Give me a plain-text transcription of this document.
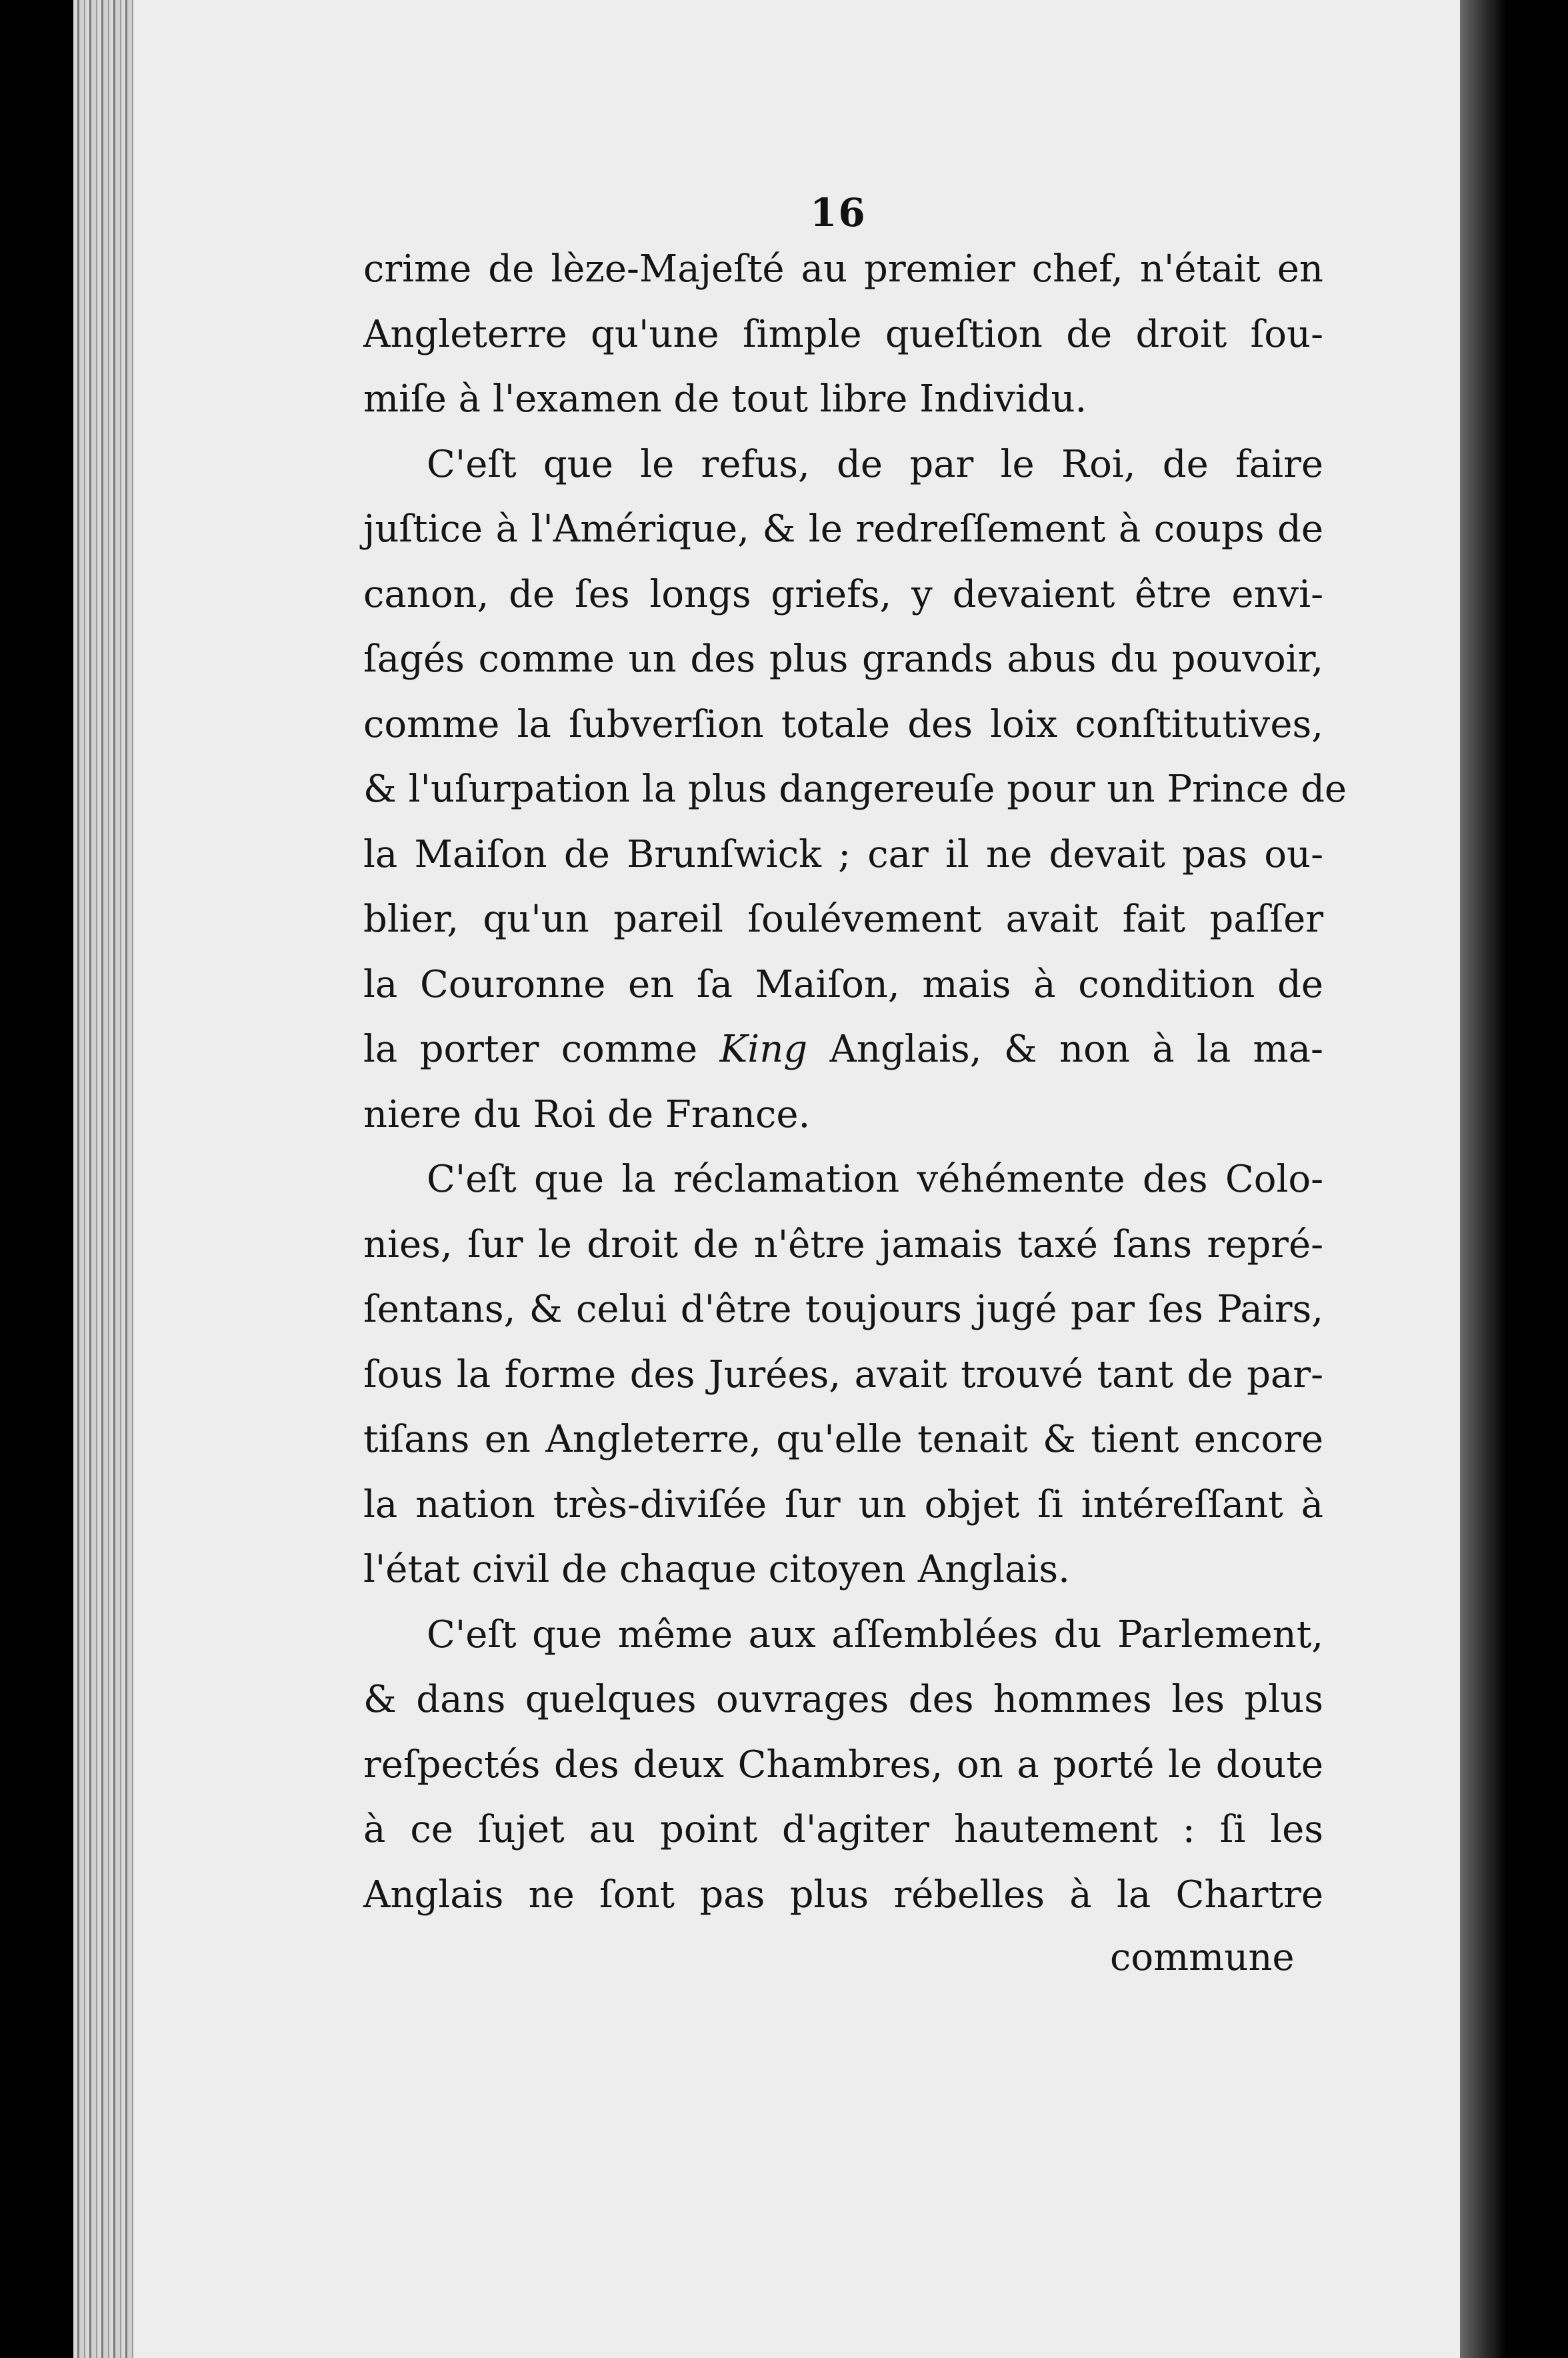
16
crime de lèze-Majeſté au premier chef, n'était en
Angleterre qu'une ſimple queſtion de droit ſou-
miſe à l'examen de tout libre Individu.
C'eſt que le refus, de par le Roi, de faire
juſtice à l'Amérique, & le redreſſement à coups de
canon, de ſes longs griefs, y devaient être envi-
ſagés comme un des plus grands abus du pouvoir,
comme la ſubverſion totale des loix conſtitutives,
& l'uſurpation la plus dangereuſe pour un Prince de
la Maiſon de Brunſwick ; car il ne devait pas ou-
blier, qu'un pareil ſoulévement avait fait paſſer
la Couronne en ſa Maiſon, mais à condition de
la porter comme King Anglais, & non à la ma-
niere du Roi de France.
C'eſt que la réclamation véhémente des Colo-
nies, ſur le droit de n'être jamais taxé ſans repré-
ſentans, & celui d'être toujours jugé par ſes Pairs,
ſous la forme des Jurées, avait trouvé tant de par-
tiſans en Angleterre, qu'elle tenait & tient encore
la nation très-diviſée ſur un objet ſi intéreſſant à
l'état civil de chaque citoyen Anglais.
C'eſt que même aux aſſemblées du Parlement,
& dans quelques ouvrages des hommes les plus
reſpectés des deux Chambres, on a porté le doute
à ce ſujet au point d'agiter hautement : ſi les
Anglais ne ſont pas plus rébelles à la Chartre
commune
